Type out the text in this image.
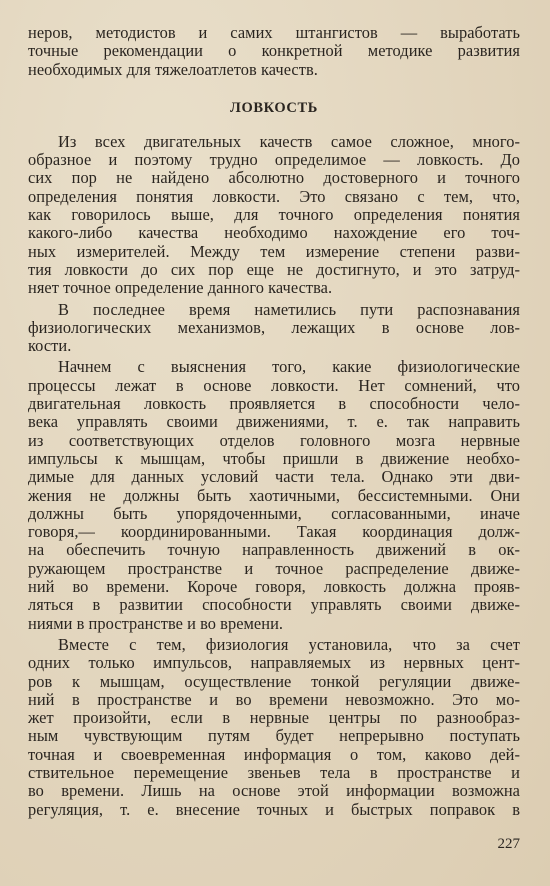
неров, методистов и самих штангистов — выработать
точные рекомендации о конкретной методике развития
необходимых для тяжелоатлетов качеств.
ЛОВКОСТЬ
Из всех двигательных качеств самое сложное, много-
образное и поэтому трудно определимое — ловкость. До
сих пор не найдено абсолютно достоверного и точного
определения понятия ловкости. Это связано с тем, что,
как говорилось выше, для точного определения понятия
какого-либо качества необходимо нахождение его точ-
ных измерителей. Между тем измерение степени разви-
тия ловкости до сих пор еще не достигнуто, и это затруд-
няет точное определение данного качества.
В последнее время наметились пути распознавания
физиологических механизмов, лежащих в основе лов-
кости.
Начнем с выяснения того, какие физиологические
процессы лежат в основе ловкости. Нет сомнений, что
двигательная ловкость проявляется в способности чело-
века управлять своими движениями, т. е. так направить
из соответствующих отделов головного мозга нервные
импульсы к мышцам, чтобы пришли в движение необхо-
димые для данных условий части тела. Однако эти дви-
жения не должны быть хаотичными, бессистемными. Они
должны быть упорядоченными, согласованными, иначе
говоря,— координированными. Такая координация долж-
на обеспечить точную направленность движений в ок-
ружающем пространстве и точное распределение движе-
ний во времени. Короче говоря, ловкость должна прояв-
ляться в развитии способности управлять своими движе-
ниями в пространстве и во времени.
Вместе с тем, физиология установила, что за счет
одних только импульсов, направляемых из нервных цент-
ров к мышцам, осуществление тонкой регуляции движе-
ний в пространстве и во времени невозможно. Это мо-
жет произойти, если в нервные центры по разнообраз-
ным чувствующим путям будет непрерывно поступать
точная и своевременная информация о том, каково дей-
ствительное перемещение звеньев тела в пространстве и
во времени. Лишь на основе этой информации возможна
регуляция, т. е. внесение точных и быстрых поправок в
227
